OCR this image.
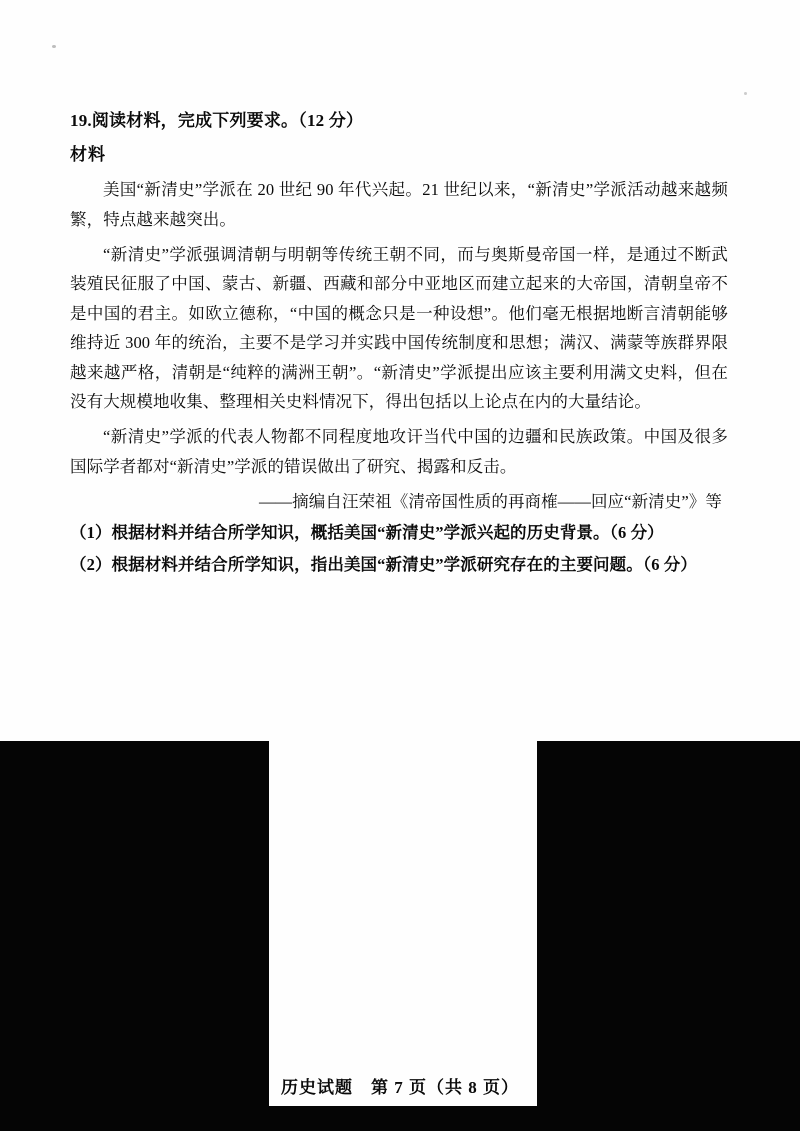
19.阅读材料，完成下列要求。（12 分）

材料

美国“新清史”学派在 20 世纪 90 年代兴起。21 世纪以来，“新清史”学派活动越来越频繁，特点越来越突出。

“新清史”学派强调清朝与明朝等传统王朝不同，而与奥斯曼帝国一样，是通过不断武装殖民征服了中国、蒙古、新疆、西藏和部分中亚地区而建立起来的大帝国，清朝皇帝不是中国的君主。如欧立德称，“中国的概念只是一种设想”。他们毫无根据地断言清朝能够维持近 300 年的统治，主要不是学习并实践中国传统制度和思想；满汉、满蒙等族群界限越来越严格，清朝是“纯粹的满洲王朝”。“新清史”学派提出应该主要利用满文史料，但在没有大规模地收集、整理相关史料情况下，得出包括以上论点在内的大量结论。

“新清史”学派的代表人物都不同程度地攻讦当代中国的边疆和民族政策。中国及很多国际学者都对“新清史”学派的错误做出了研究、揭露和反击。

——摘编自汪荣祖《清帝国性质的再商榷——回应“新清史”》等

（1）根据材料并结合所学知识，概括美国“新清史”学派兴起的历史背景。（6 分）

（2）根据材料并结合所学知识，指出美国“新清史”学派研究存在的主要问题。（6 分）

历史试题 第 7 页（共 8 页）
